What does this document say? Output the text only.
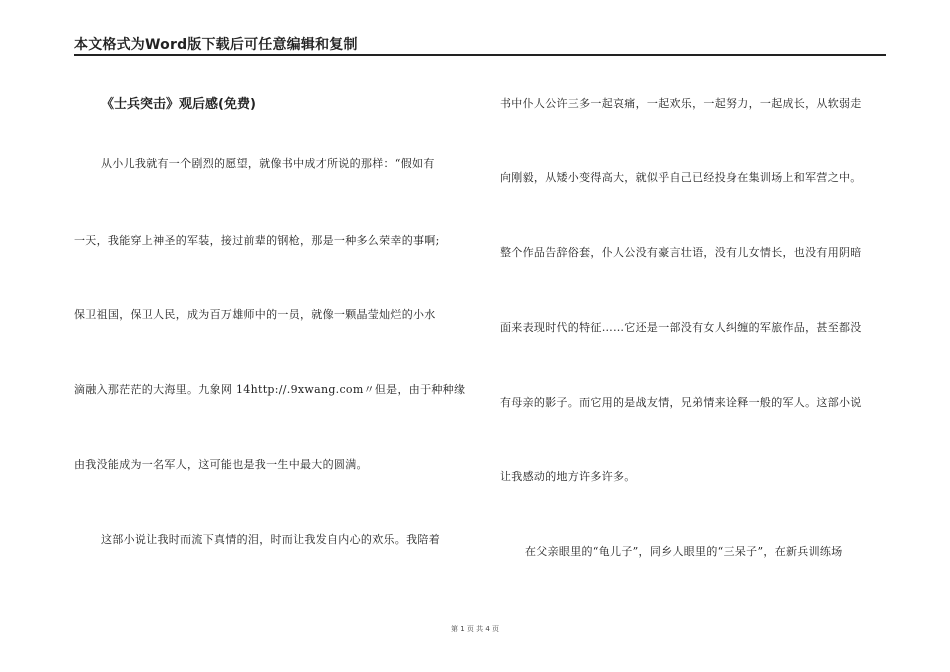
本文格式为Word版下载后可任意编辑和复制
《士兵突击》观后感(免费)
从小儿我就有一个剧烈的愿望，就像书中成才所说的那样：“假如有
一天，我能穿上神圣的军装，接过前辈的钢枪，那是一种多么荣幸的事啊;
保卫祖国，保卫人民，成为百万雄师中的一员，就像一颗晶莹灿烂的小水
滴融入那茫茫的大海里。九象网 14http://.9xwang.com〃但是，由于种种缘
由我没能成为一名军人，这可能也是我一生中最大的圆满。
这部小说让我时而流下真情的泪，时而让我发自内心的欢乐。我陪着
书中仆人公许三多一起哀痛，一起欢乐，一起努力，一起成长，从软弱走
向刚毅，从矮小变得高大，就似乎自己已经投身在集训场上和军营之中。
整个作品告辞俗套，仆人公没有豪言壮语，没有儿女情长，也没有用阴暗
面来表现时代的特征……它还是一部没有女人纠缠的军旅作品，甚至都没
有母亲的影子。而它用的是战友情，兄弟情来诠释一般的军人。这部小说
让我感动的地方许多许多。
在父亲眼里的“龟儿子”，同乡人眼里的“三呆子”，在新兵训练场
第 1 页 共 4 页
